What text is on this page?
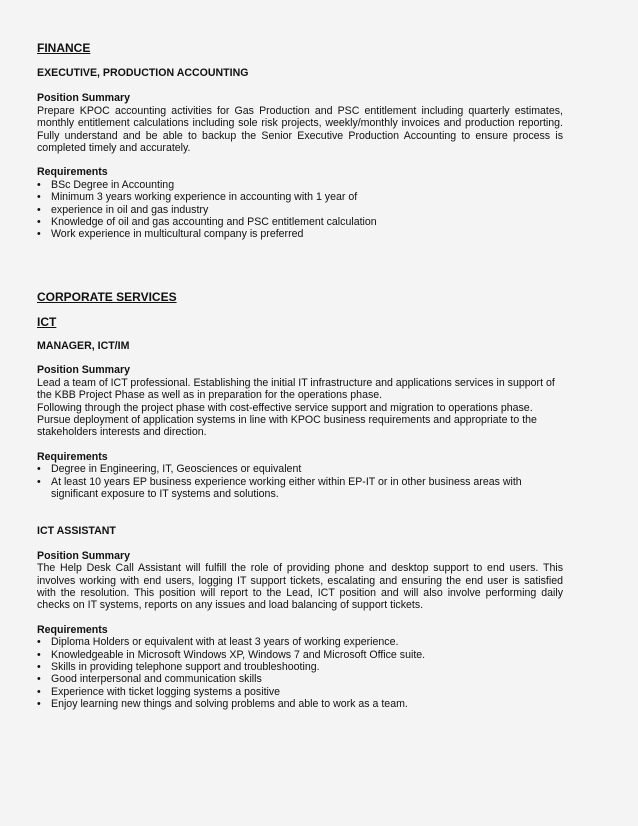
FINANCE
EXECUTIVE, PRODUCTION ACCOUNTING
Position Summary

Prepare KPOC accounting activities for Gas Production and PSC entitlement including quarterly estimates, monthly entitlement calculations including sole risk projects, weekly/monthly invoices and production reporting. Fully understand and be able to backup the Senior Executive Production Accounting to ensure process is completed timely and accurately.

Requirements
• BSc Degree in Accounting
• Minimum 3 years working experience in accounting with 1 year of
• experience in oil and gas industry
• Knowledge of oil and gas accounting and PSC entitlement calculation
• Work experience in multicultural company is preferred
CORPORATE SERVICES
ICT
MANAGER, ICT/IM
Position Summary

Lead a team of ICT professional. Establishing the initial IT infrastructure and applications services in support of the KBB Project Phase as well as in preparation for the operations phase.

Following through the project phase with cost-effective service support and migration to operations phase.

Pursue deployment of application systems in line with KPOC business requirements and appropriate to the stakeholders interests and direction.

Requirements
• Degree in Engineering, IT, Geosciences or equivalent
• At least 10 years EP business experience working either within EP-IT or in other business areas with significant exposure to IT systems and solutions.
ICT ASSISTANT
Position Summary

The Help Desk Call Assistant will fulfill the role of providing phone and desktop support to end users. This involves working with end users, logging IT support tickets, escalating and ensuring the end user is satisfied with the resolution. This position will report to the Lead, ICT position and will also involve performing daily checks on IT systems, reports on any issues and load balancing of support tickets.

Requirements
• Diploma Holders or equivalent with at least 3 years of working experience.
• Knowledgeable in Microsoft Windows XP, Windows 7 and Microsoft Office suite.
• Skills in providing telephone support and troubleshooting.
• Good interpersonal and communication skills
• Experience with ticket logging systems a positive
• Enjoy learning new things and solving problems and able to work as a team.
